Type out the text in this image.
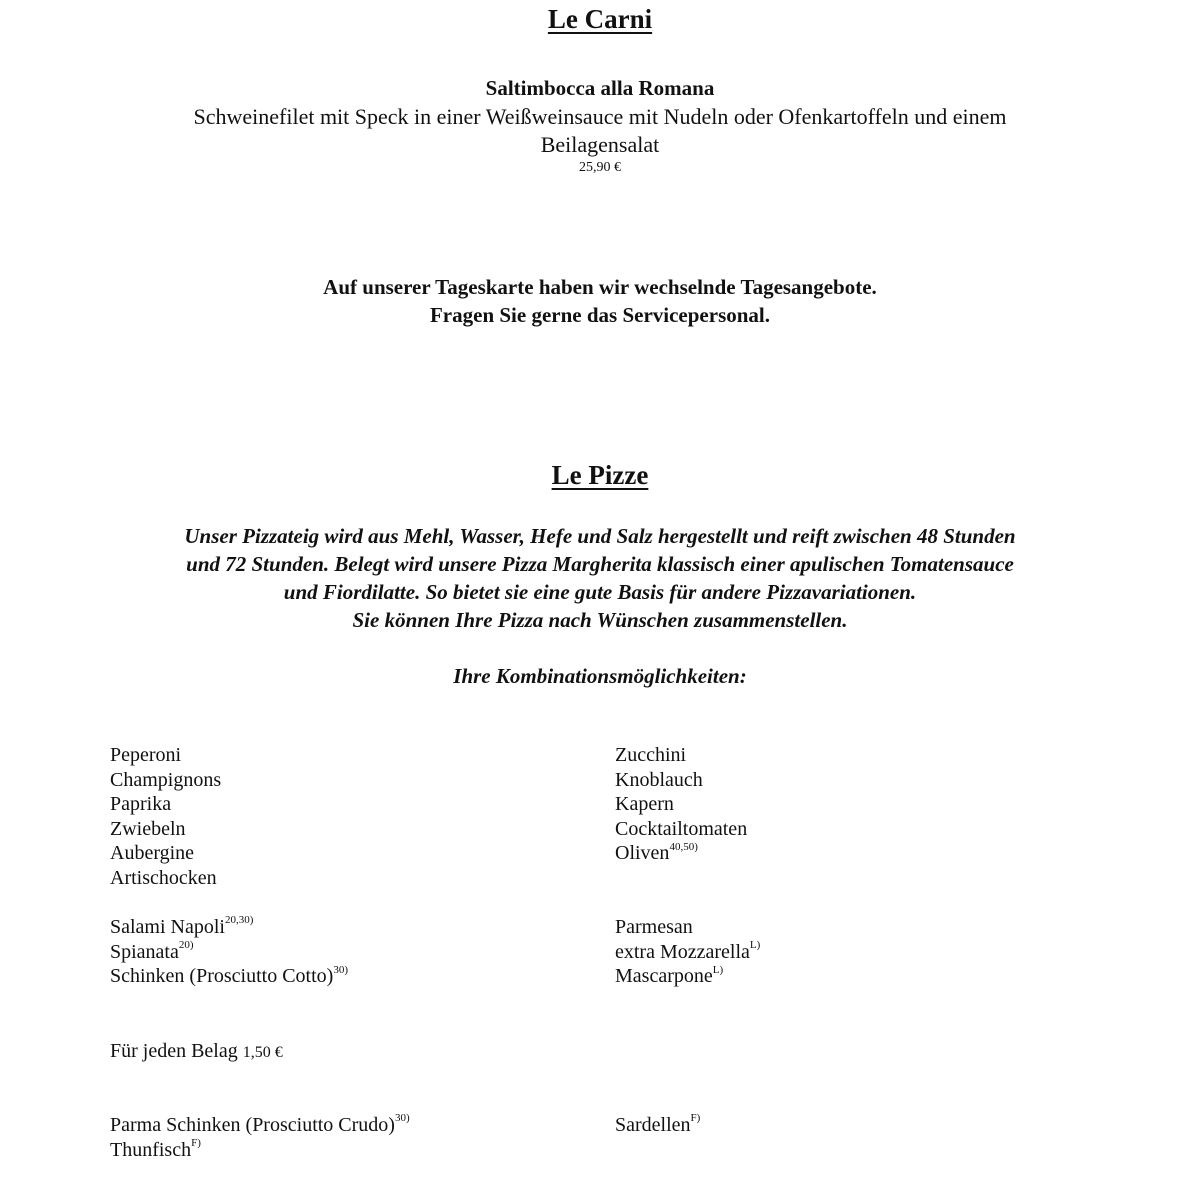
Le Carni
Saltimbocca alla Romana
Schweinefilet mit Speck in einer Weißweinsauce mit Nudeln oder Ofenkartoffeln und einem
Beilagensalat
25,90 €
Auf unserer Tageskarte haben wir wechselnde Tagesangebote.
Fragen Sie gerne das Servicepersonal.
Le Pizze
Unser Pizzateig wird aus Mehl, Wasser, Hefe und Salz hergestellt und reift zwischen 48 Stunden
und 72 Stunden. Belegt wird unsere Pizza Margherita klassisch einer apulischen Tomatensauce
und Fiordilatte. So bietet sie eine gute Basis für andere Pizzavariationen.
Sie können Ihre Pizza nach Wünschen zusammenstellen.
Ihre Kombinationsmöglichkeiten:
Peperoni
Champignons
Paprika
Zwiebeln
Aubergine
Artischocken
Zucchini
Knoblauch
Kapern
Cocktailtomaten
Oliven$^{40,50)}$
Salami Napoli$^{20,30)}$
Spianata$^{20)}$
Schinken (Prosciutto Cotto)$^{30)}$
Parmesan
extra Mozzarella$^{L)}$
Mascarpone$^{L)}$
Für jeden Belag 1,50 €
Parma Schinken (Prosciutto Crudo)$^{30)}$
Thunfisch$^{F)}$
Sardellen$^{F)}$
